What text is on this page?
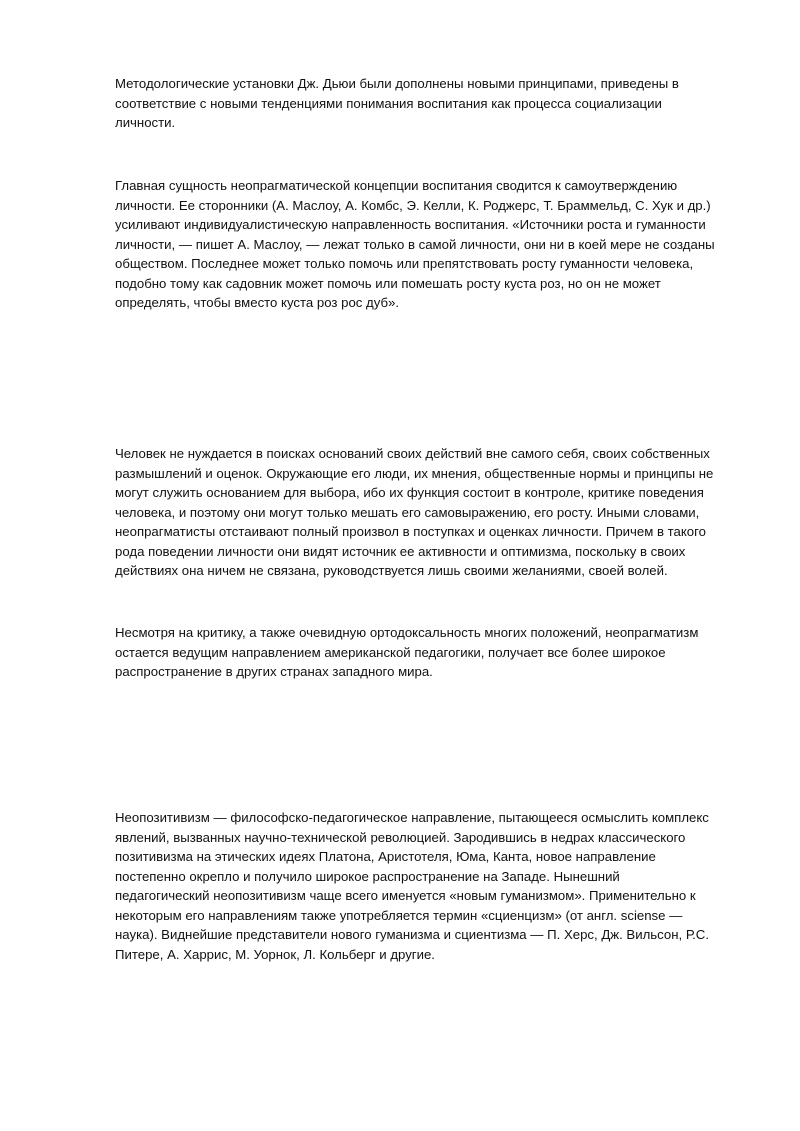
Методологические установки Дж. Дьюи были дополнены новыми принципами, приведены в соответствие с новыми тенденциями понимания воспитания как процесса социализации личности.

Главная сущность неопрагматической концепции воспитания сводится к самоутверждению личности. Ее сторонники (А. Маслоу, А. Комбс, Э. Келли, К. Роджерс, Т. Браммельд, С. Хук и др.) усиливают индивидуалистическую направленность воспитания. «Источники роста и гуманности личности, — пишет А. Маслоу, — лежат только в самой личности, они ни в коей мере не созданы обществом. Последнее может только помочь или препятствовать росту гуманности человека, подобно тому как садовник может помочь или помешать росту куста роз, но он не может определять, чтобы вместо куста роз рос дуб».

Человек не нуждается в поисках оснований своих действий вне самого себя, своих собственных размышлений и оценок. Окружающие его люди, их мнения, общественные нормы и принципы не могут служить основанием для выбора, ибо их функция состоит в контроле, критике поведения человека, и поэтому они могут только мешать его самовыражению, его росту. Иными словами, неопрагматисты отстаивают полный произвол в поступках и оценках личности. Причем в такого рода поведении личности они видят источник ее активности и оптимизма, поскольку в своих действиях она ничем не связана, руководствуется лишь своими желаниями, своей волей.

Несмотря на критику, а также очевидную ортодоксальность многих положений, неопрагматизм остается ведущим направлением американской педагогики, получает все более широкое распространение в других странах западного мира.

Неопозитивизм — философско-педагогическое направление, пытающееся осмыслить комплекс явлений, вызванных научно-технической революцией. Зародившись в недрах классического позитивизма на этических идеях Платона, Аристотеля, Юма, Канта, новое направление постепенно окрепло и получило широкое распространение на Западе. Нынешний педагогический неопозитивизм чаще всего именуется «новым гуманизмом». Применительно к некоторым его направлениям также употребляется термин «сциенцизм» (от англ. sciense — наука). Виднейшие представители нового гуманизма и сциентизма — П. Херс, Дж. Вильсон, Р.С. Питере, А. Харрис, М. Уорнок, Л. Кольберг и другие.
